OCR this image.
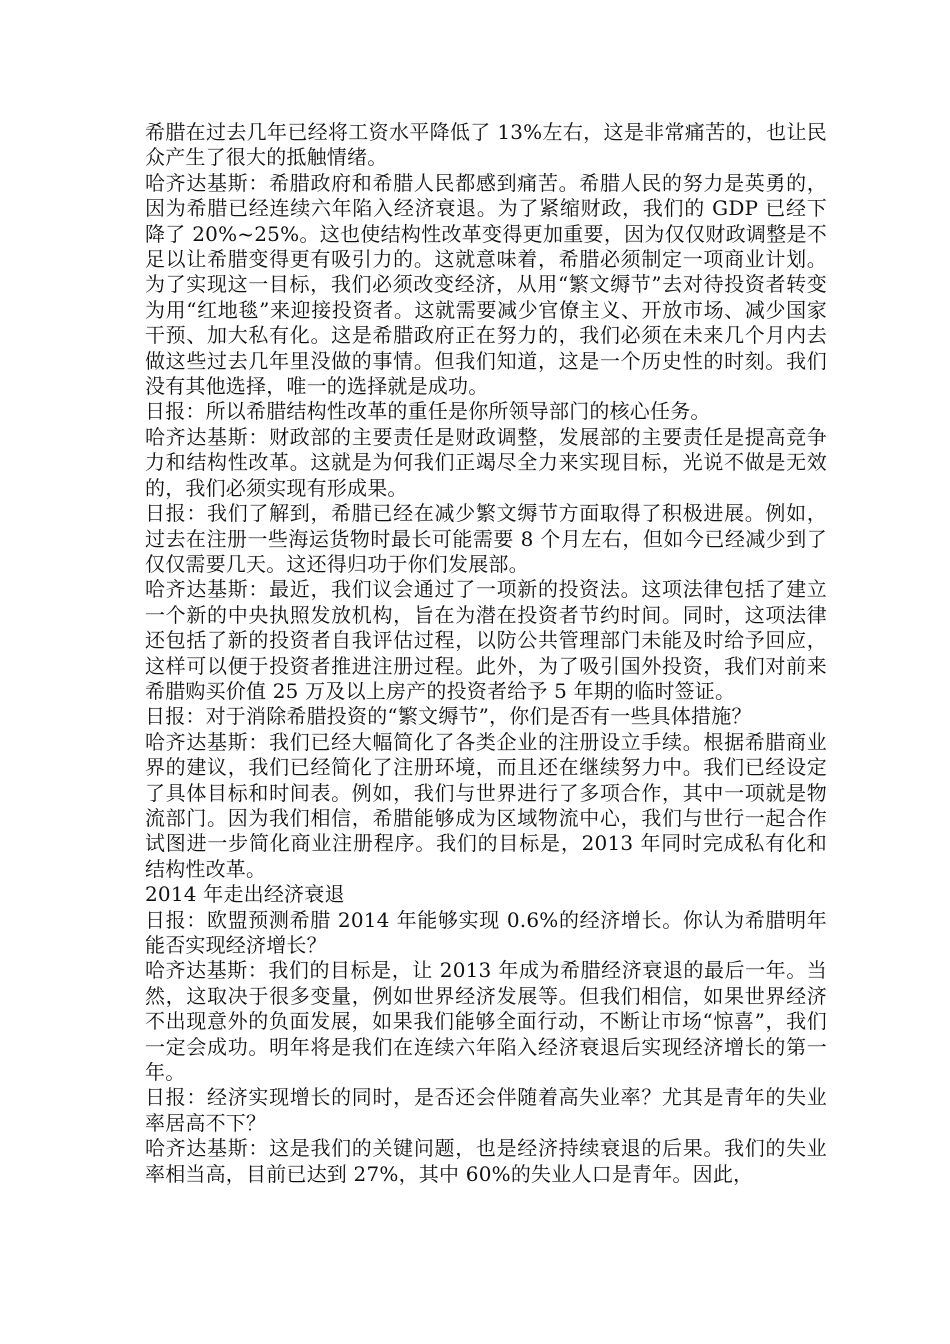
希腊在过去几年已经将工资水平降低了 13%左右，这是非常痛苦的，也让民众产生了很大的抵触情绪。

哈齐达基斯：希腊政府和希腊人民都感到痛苦。希腊人民的努力是英勇的，因为希腊已经连续六年陷入经济衰退。为了紧缩财政，我们的 GDP 已经下降了 20%~25%。这也使结构性改革变得更加重要，因为仅仅财政调整是不足以让希腊变得更有吸引力的。这就意味着，希腊必须制定一项商业计划。为了实现这一目标，我们必须改变经济，从用“繁文缛节”去对待投资者转变为用“红地毯”来迎接投资者。这就需要减少官僚主义、开放市场、减少国家干预、加大私有化。这是希腊政府正在努力的，我们必须在未来几个月内去做这些过去几年里没做的事情。但我们知道，这是一个历史性的时刻。我们没有其他选择，唯一的选择就是成功。

日报：所以希腊结构性改革的重任是你所领导部门的核心任务。

哈齐达基斯：财政部的主要责任是财政调整，发展部的主要责任是提高竞争力和结构性改革。这就是为何我们正竭尽全力来实现目标，光说不做是无效的，我们必须实现有形成果。

日报：我们了解到，希腊已经在减少繁文缛节方面取得了积极进展。例如，过去在注册一些海运货物时最长可能需要 8 个月左右，但如今已经减少到了仅仅需要几天。这还得归功于你们发展部。

哈齐达基斯：最近，我们议会通过了一项新的投资法。这项法律包括了建立一个新的中央执照发放机构，旨在为潜在投资者节约时间。同时，这项法律还包括了新的投资者自我评估过程，以防公共管理部门未能及时给予回应，这样可以便于投资者推进注册过程。此外，为了吸引国外投资，我们对前来希腊购买价值 25 万及以上房产的投资者给予 5 年期的临时签证。

日报：对于消除希腊投资的“繁文缛节”，你们是否有一些具体措施？

哈齐达基斯：我们已经大幅简化了各类企业的注册设立手续。根据希腊商业界的建议，我们已经简化了注册环境，而且还在继续努力中。我们已经设定了具体目标和时间表。例如，我们与世界进行了多项合作，其中一项就是物流部门。因为我们相信，希腊能够成为区域物流中心，我们与世行一起合作试图进一步简化商业注册程序。我们的目标是，2013 年同时完成私有化和结构性改革。

2014 年走出经济衰退

日报：欧盟预测希腊 2014 年能够实现 0.6%的经济增长。你认为希腊明年能否实现经济增长？

哈齐达基斯：我们的目标是，让 2013 年成为希腊经济衰退的最后一年。当然，这取决于很多变量，例如世界经济发展等。但我们相信，如果世界经济不出现意外的负面发展，如果我们能够全面行动，不断让市场“惊喜”，我们一定会成功。明年将是我们在连续六年陷入经济衰退后实现经济增长的第一年。

日报：经济实现增长的同时，是否还会伴随着高失业率？尤其是青年的失业率居高不下？

哈齐达基斯：这是我们的关键问题，也是经济持续衰退的后果。我们的失业率相当高，目前已达到 27%，其中 60%的失业人口是青年。因此，
